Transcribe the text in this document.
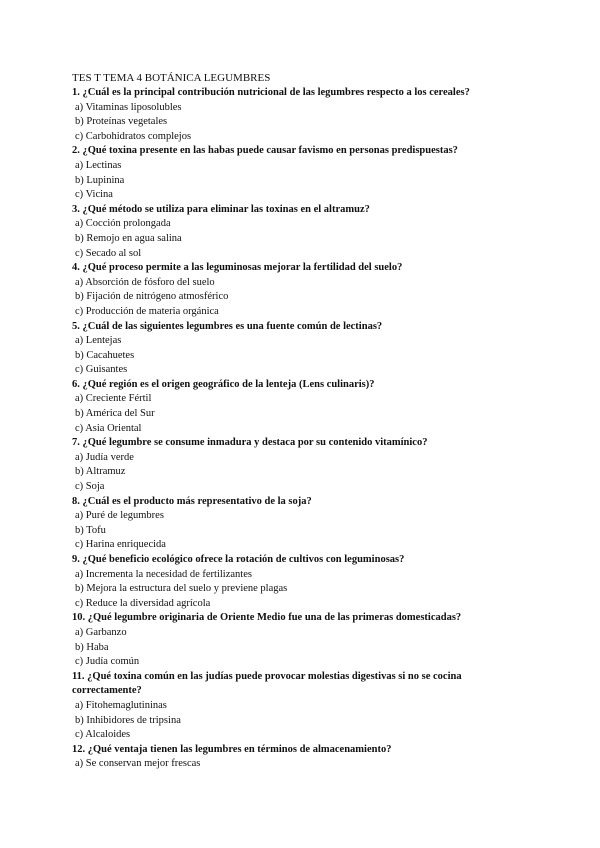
TES T TEMA 4 BOTÁNICA LEGUMBRES
1. ¿Cuál es la principal contribución nutricional de las legumbres respecto a los cereales?
a) Vitaminas liposolubles
b) Proteínas vegetales
c) Carbohidratos complejos
2. ¿Qué toxina presente en las habas puede causar favismo en personas predispuestas?
a) Lectinas
b) Lupinina
c) Vicina
3. ¿Qué método se utiliza para eliminar las toxinas en el altramuz?
a) Cocción prolongada
b) Remojo en agua salina
c) Secado al sol
4. ¿Qué proceso permite a las leguminosas mejorar la fertilidad del suelo?
a) Absorción de fósforo del suelo
b) Fijación de nitrógeno atmosférico
c) Producción de materia orgánica
5. ¿Cuál de las siguientes legumbres es una fuente común de lectinas?
a) Lentejas
b) Cacahuetes
c) Guisantes
6. ¿Qué región es el origen geográfico de la lenteja (Lens culinaris)?
a) Creciente Fértil
b) América del Sur
c) Asia Oriental
7. ¿Qué legumbre se consume inmadura y destaca por su contenido vitamínico?
a) Judía verde
b) Altramuz
c) Soja
8. ¿Cuál es el producto más representativo de la soja?
a) Puré de legumbres
b) Tofu
c) Harina enriquecida
9. ¿Qué beneficio ecológico ofrece la rotación de cultivos con leguminosas?
a) Incrementa la necesidad de fertilizantes
b) Mejora la estructura del suelo y previene plagas
c) Reduce la diversidad agrícola
10. ¿Qué legumbre originaria de Oriente Medio fue una de las primeras domesticadas?
a) Garbanzo
b) Haba
c) Judía común
11. ¿Qué toxina común en las judías puede provocar molestias digestivas si no se cocina correctamente?
a) Fitohemaglutininas
b) Inhibidores de tripsina
c) Alcaloides
12. ¿Qué ventaja tienen las legumbres en términos de almacenamiento?
a) Se conservan mejor frescas
